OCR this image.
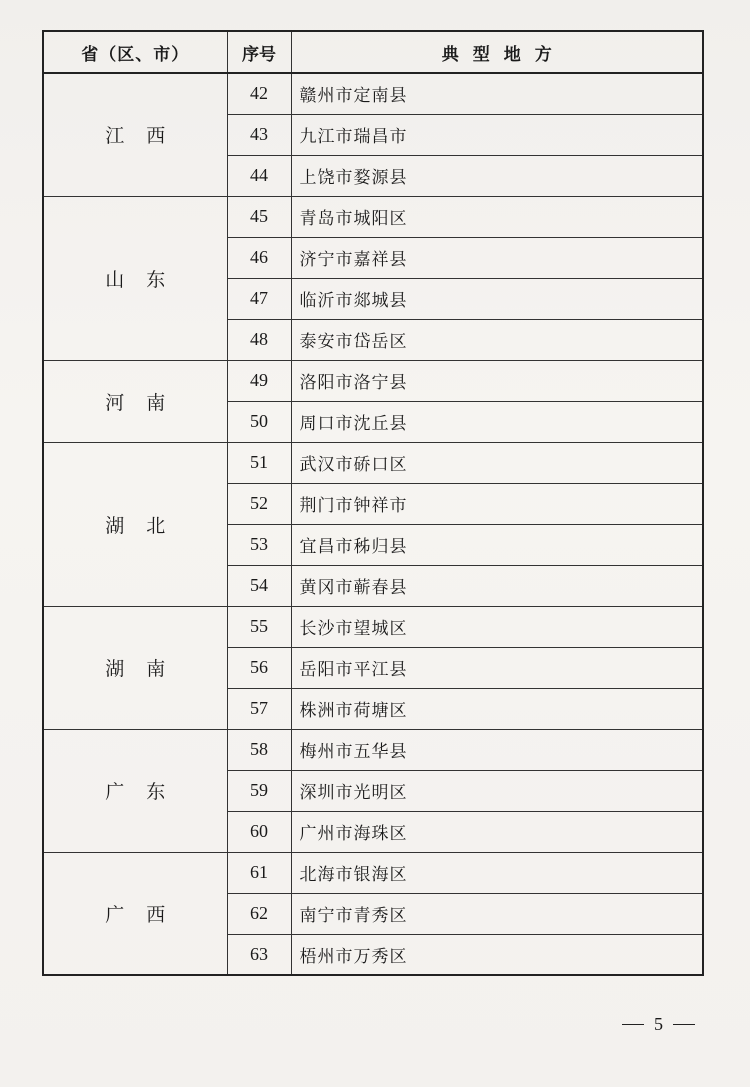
省（区、市）	序号	典型地方
江西	42	赣州市定南县
	43	九江市瑞昌市
	44	上饶市婺源县
山东	45	青岛市城阳区
	46	济宁市嘉祥县
	47	临沂市郯城县
	48	泰安市岱岳区
河南	49	洛阳市洛宁县
	50	周口市沈丘县
湖北	51	武汉市硚口区
	52	荆门市钟祥市
	53	宜昌市秭归县
	54	黄冈市蕲春县
湖南	55	长沙市望城区
	56	岳阳市平江县
	57	株洲市荷塘区
广东	58	梅州市五华县
	59	深圳市光明区
	60	广州市海珠区
广西	61	北海市银海区
	62	南宁市青秀区
	63	梧州市万秀区
5
